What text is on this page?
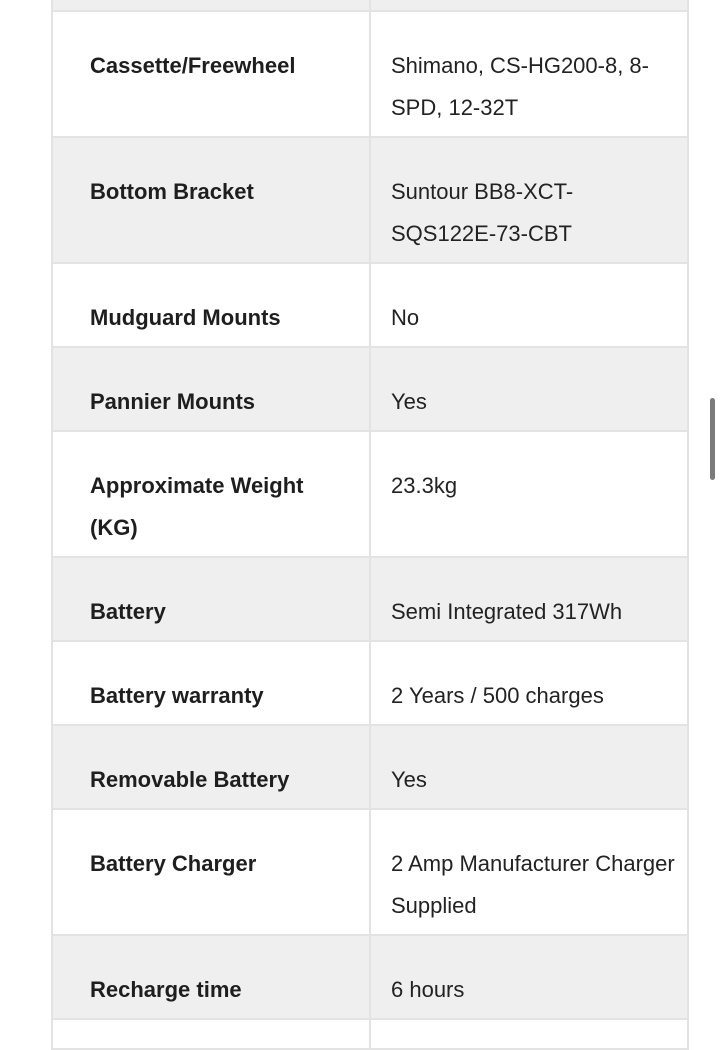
Cassette/Freewheel	Shimano, CS-HG200-8, 8-SPD, 12-32T

Bottom Bracket	Suntour BB8-XCT-SQS122E-73-CBT

Mudguard Mounts	No

Pannier Mounts	Yes

Approximate Weight (KG)	23.3kg

Battery	Semi Integrated 317Wh

Battery warranty	2 Years / 500 charges

Removable Battery	Yes

Battery Charger	2 Amp Manufacturer Charger Supplied

Recharge time	6 hours
